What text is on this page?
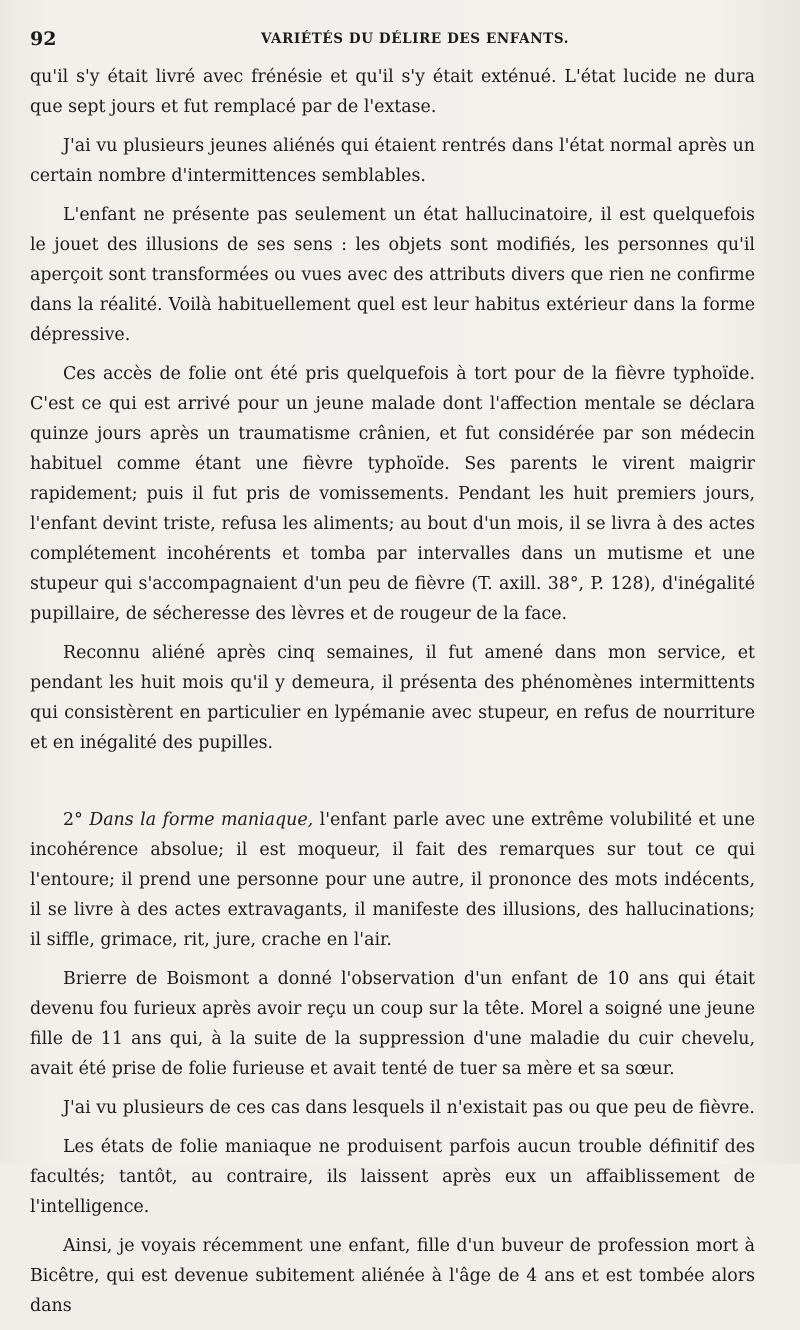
92	VARIÉTÉS DU DÉLIRE DES ENFANTS.

qu'il s'y était livré avec frénésie et qu'il s'y était exténué. L'état lucide ne dura que sept jours et fut remplacé par de l'extase.

J'ai vu plusieurs jeunes aliénés qui étaient rentrés dans l'état normal après un certain nombre d'intermittences semblables.

L'enfant ne présente pas seulement un état hallucinatoire, il est quelquefois le jouet des illusions de ses sens : les objets sont modifiés, les personnes qu'il aperçoit sont transformées ou vues avec des attributs divers que rien ne confirme dans la réalité. Voilà habituellement quel est leur habitus extérieur dans la forme dépressive.

Ces accès de folie ont été pris quelquefois à tort pour de la fièvre typhoïde. C'est ce qui est arrivé pour un jeune malade dont l'affection mentale se déclara quinze jours après un traumatisme crânien, et fut considérée par son médecin habituel comme étant une fièvre typhoïde. Ses parents le virent maigrir rapidement; puis il fut pris de vomissements. Pendant les huit premiers jours, l'enfant devint triste, refusa les aliments; au bout d'un mois, il se livra à des actes complétement incohérents et tomba par intervalles dans un mutisme et une stupeur qui s'accompagnaient d'un peu de fièvre (T. axill. 38°, P. 128), d'inégalité pupillaire, de sécheresse des lèvres et de rougeur de la face.

Reconnu aliéné après cinq semaines, il fut amené dans mon service, et pendant les huit mois qu'il y demeura, il présenta des phénomènes intermittents qui consistèrent en particulier en lypémanie avec stupeur, en refus de nourriture et en inégalité des pupilles.

2° Dans la forme maniaque, l'enfant parle avec une extrême volubilité et une incohérence absolue; il est moqueur, il fait des remarques sur tout ce qui l'entoure; il prend une personne pour une autre, il prononce des mots indécents, il se livre à des actes extravagants, il manifeste des illusions, des hallucinations; il siffle, grimace, rit, jure, crache en l'air.

Brierre de Boismont a donné l'observation d'un enfant de 10 ans qui était devenu fou furieux après avoir reçu un coup sur la tête. Morel a soigné une jeune fille de 11 ans qui, à la suite de la suppression d'une maladie du cuir chevelu, avait été prise de folie furieuse et avait tenté de tuer sa mère et sa sœur.

J'ai vu plusieurs de ces cas dans lesquels il n'existait pas ou que peu de fièvre.

Les états de folie maniaque ne produisent parfois aucun trouble définitif des facultés; tantôt, au contraire, ils laissent après eux un affaiblissement de l'intelligence.

Ainsi, je voyais récemment une enfant, fille d'un buveur de profession mort à Bicêtre, qui est devenue subitement aliénée à l'âge de 4 ans et est tombée alors dans
